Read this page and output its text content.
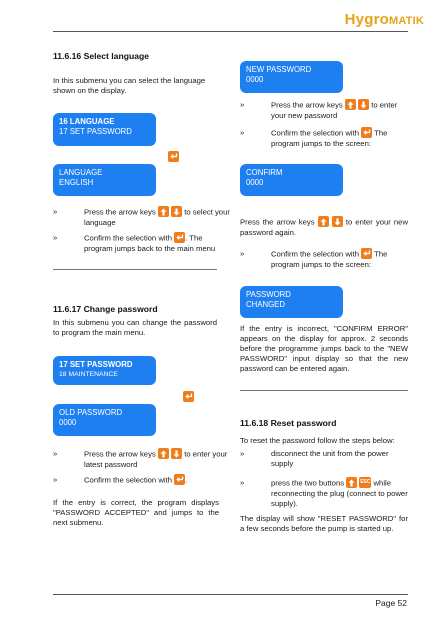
HygroMATIK
11.6.16 Select language
In this submenu you can select the language shown on the display.
16 LANGUAGE
17 SET PASSWORD

LANGUAGE
ENGLISH
»	Press the arrow keys
	to select your language
»	Confirm the selection with . The program jumps back to the main menu
11.6.17 Change password
In this submenu you can change the password to program the main menu.
17 SET PASSWORD
18 MAINTENANCE
OLD PASSWORD
0000
»	Press the arrow keys
	to enter your latest password
»	Confirm the selection with .
If the entry is correct, the program displays "PASSWORD ACCEPTED" and jumps to the next submenu.
NEW PASSWORD
0000
»	Press the arrow keys
	to enter your new password
»	Confirm the selection with The program jumps to the screen:
CONFIRM
0000
Press the arrow keys
	to enter your new password again.
»	Confirm the selection with The program jumps to the screen:
PASSWORD
CHANGED
If the entry is incorrect, "CONFIRM ERROR" appears on the display for approx. 2 seconds before the programme jumps back to the "NEW PASSWORD" input display so that the new password can be entered again.
11.6.18 Reset password
To reset the password follow the steps below:
»	disconnect the unit from the power supply
»	press the two buttons	ESC while reconnecting the plug (connect to power supply).
The display will show "RESET PASSWORD" for a few seconds before the pump is started up.
Page 52
